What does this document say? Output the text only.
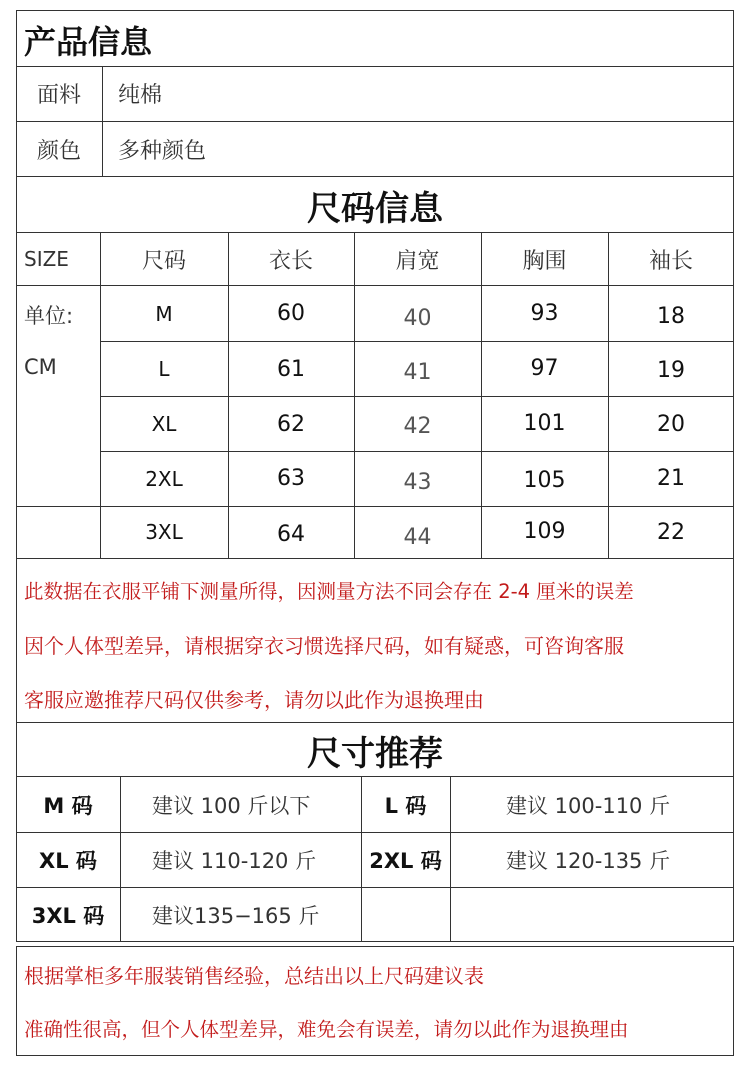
产品信息
面料	纯棉
颜色	多种颜色
尺码信息
SIZE	尺码	衣长	肩宽	胸围	袖长
单位:
CM
M	60	40	93	18
L	61	41	97	19
XL	62	42	101	20
2XL	63	43	105	21
3XL	64	44	109	22
此数据在衣服平铺下测量所得，因测量方法不同会存在 2-4 厘米的误差
因个人体型差异，请根据穿衣习惯选择尺码，如有疑惑，可咨询客服
客服应邀推荐尺码仅供参考，请勿以此作为退换理由
尺寸推荐
M 码	建议 100 斤以下	L 码	建议 100-110 斤
XL 码	建议 110-120 斤	2XL 码	建议 120-135 斤
3XL 码	建议135−165 斤
根据掌柜多年服装销售经验，总结出以上尺码建议表
准确性很高，但个人体型差异，难免会有误差，请勿以此作为退换理由
